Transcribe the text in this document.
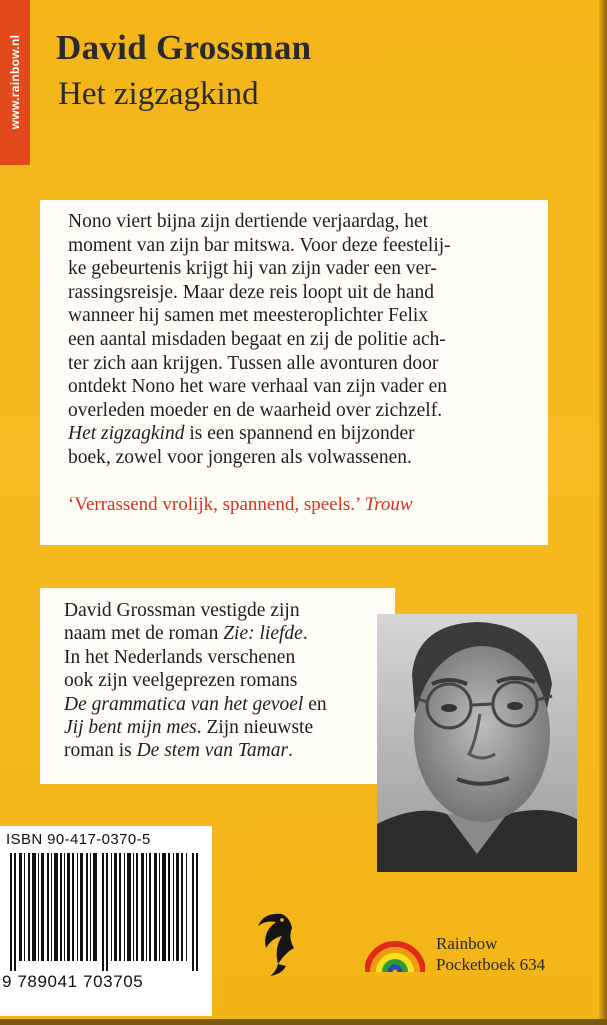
www.rainbow.nl David Grossman
Het zigzagkind
Nono viert bijna zijn dertiende verjaardag, het
moment van zijn bar mitswa. Voor deze feestelij-
ke gebeurtenis krijgt hij van zijn vader een ver-
rassingsreisje. Maar deze reis loopt uit de hand
wanneer hij samen met meesteroplichter Felix
een aantal misdaden begaat en zij de politie ach-
ter zich aan krijgen. Tussen alle avonturen door
ontdekt Nono het ware verhaal van zijn vader en
overleden moeder en de waarheid over zichzelf.
Het zigzagkind is een spannend en bijzonder
boek, zowel voor jongeren als volwassenen.
‘Verrassend vrolijk, spannend, speels.’ Trouw
David Grossman vestigde zijn
naam met de roman Zie: liefde.
In het Nederlands verschenen
ook zijn veelgeprezen romans
De grammatica van het gevoel en
Jij bent mijn mes. Zijn nieuwste
roman is De stem van Tamar.
ISBN 90-417-0370-5
9 789041 703705
Rainbow
Pocketboek 634
